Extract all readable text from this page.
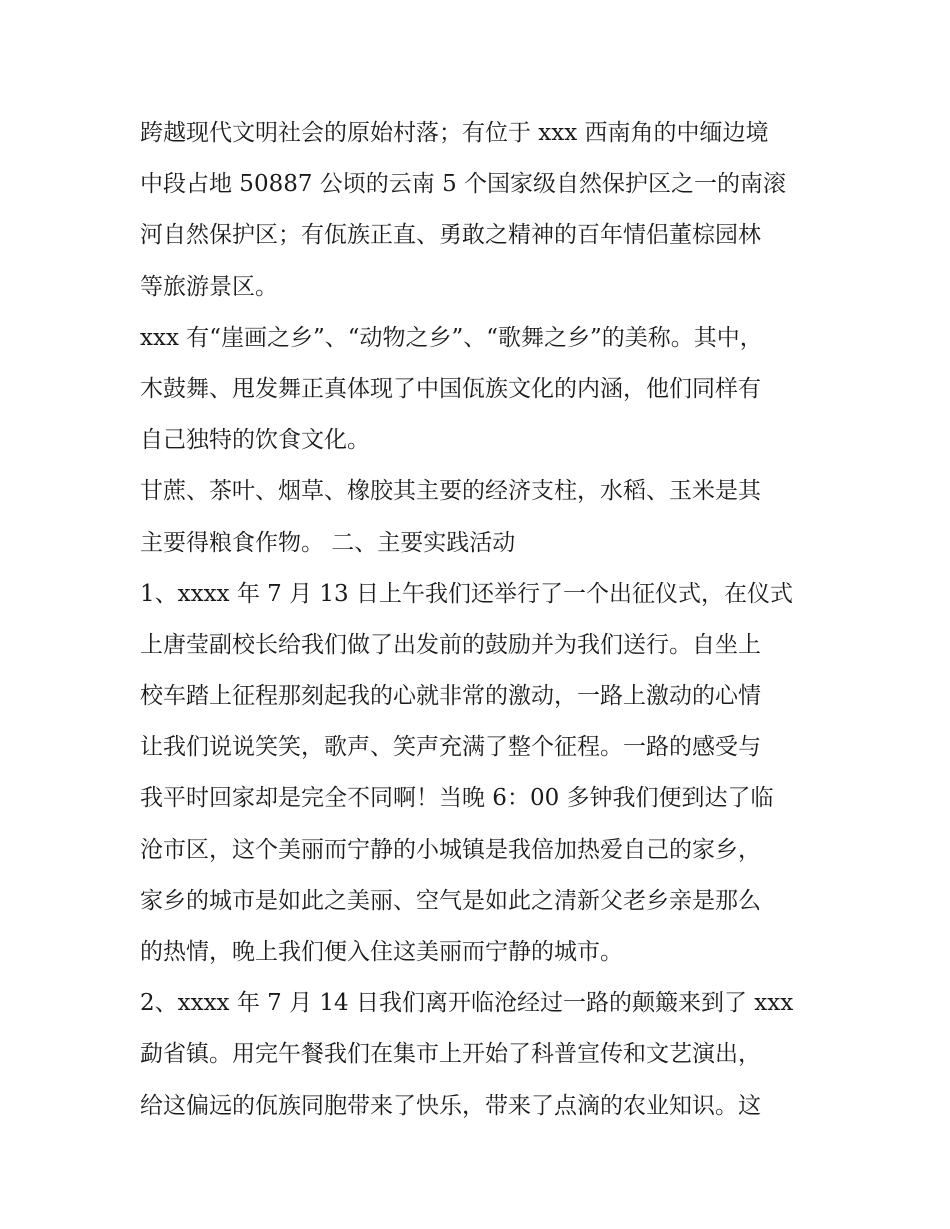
跨越现代文明社会的原始村落；有位于 xxx 西南角的中缅边境
中段占地 50887 公顷的云南 5 个国家级自然保护区之一的南滚
河自然保护区；有佤族正直、勇敢之精神的百年情侣董棕园林
等旅游景区。
xxx 有“崖画之乡”、“动物之乡”、“歌舞之乡”的美称。其中，
木鼓舞、甩发舞正真体现了中国佤族文化的内涵，他们同样有
自己独特的饮食文化。
甘蔗、茶叶、烟草、橡胶其主要的经济支柱，水稻、玉米是其
主要得粮食作物。 二、主要实践活动
1、xxxx 年 7 月 13 日上午我们还举行了一个出征仪式，在仪式
上唐莹副校长给我们做了出发前的鼓励并为我们送行。自坐上
校车踏上征程那刻起我的心就非常的激动，一路上激动的心情
让我们说说笑笑，歌声、笑声充满了整个征程。一路的感受与
我平时回家却是完全不同啊！当晚 6：00 多钟我们便到达了临
沧市区，这个美丽而宁静的小城镇是我倍加热爱自己的家乡，
家乡的城市是如此之美丽、空气是如此之清新父老乡亲是那么
的热情，晚上我们便入住这美丽而宁静的城市。
2、xxxx 年 7 月 14 日我们离开临沧经过一路的颠簸来到了 xxx
勐省镇。用完午餐我们在集市上开始了科普宣传和文艺演出，
给这偏远的佤族同胞带来了快乐，带来了点滴的农业知识。这
